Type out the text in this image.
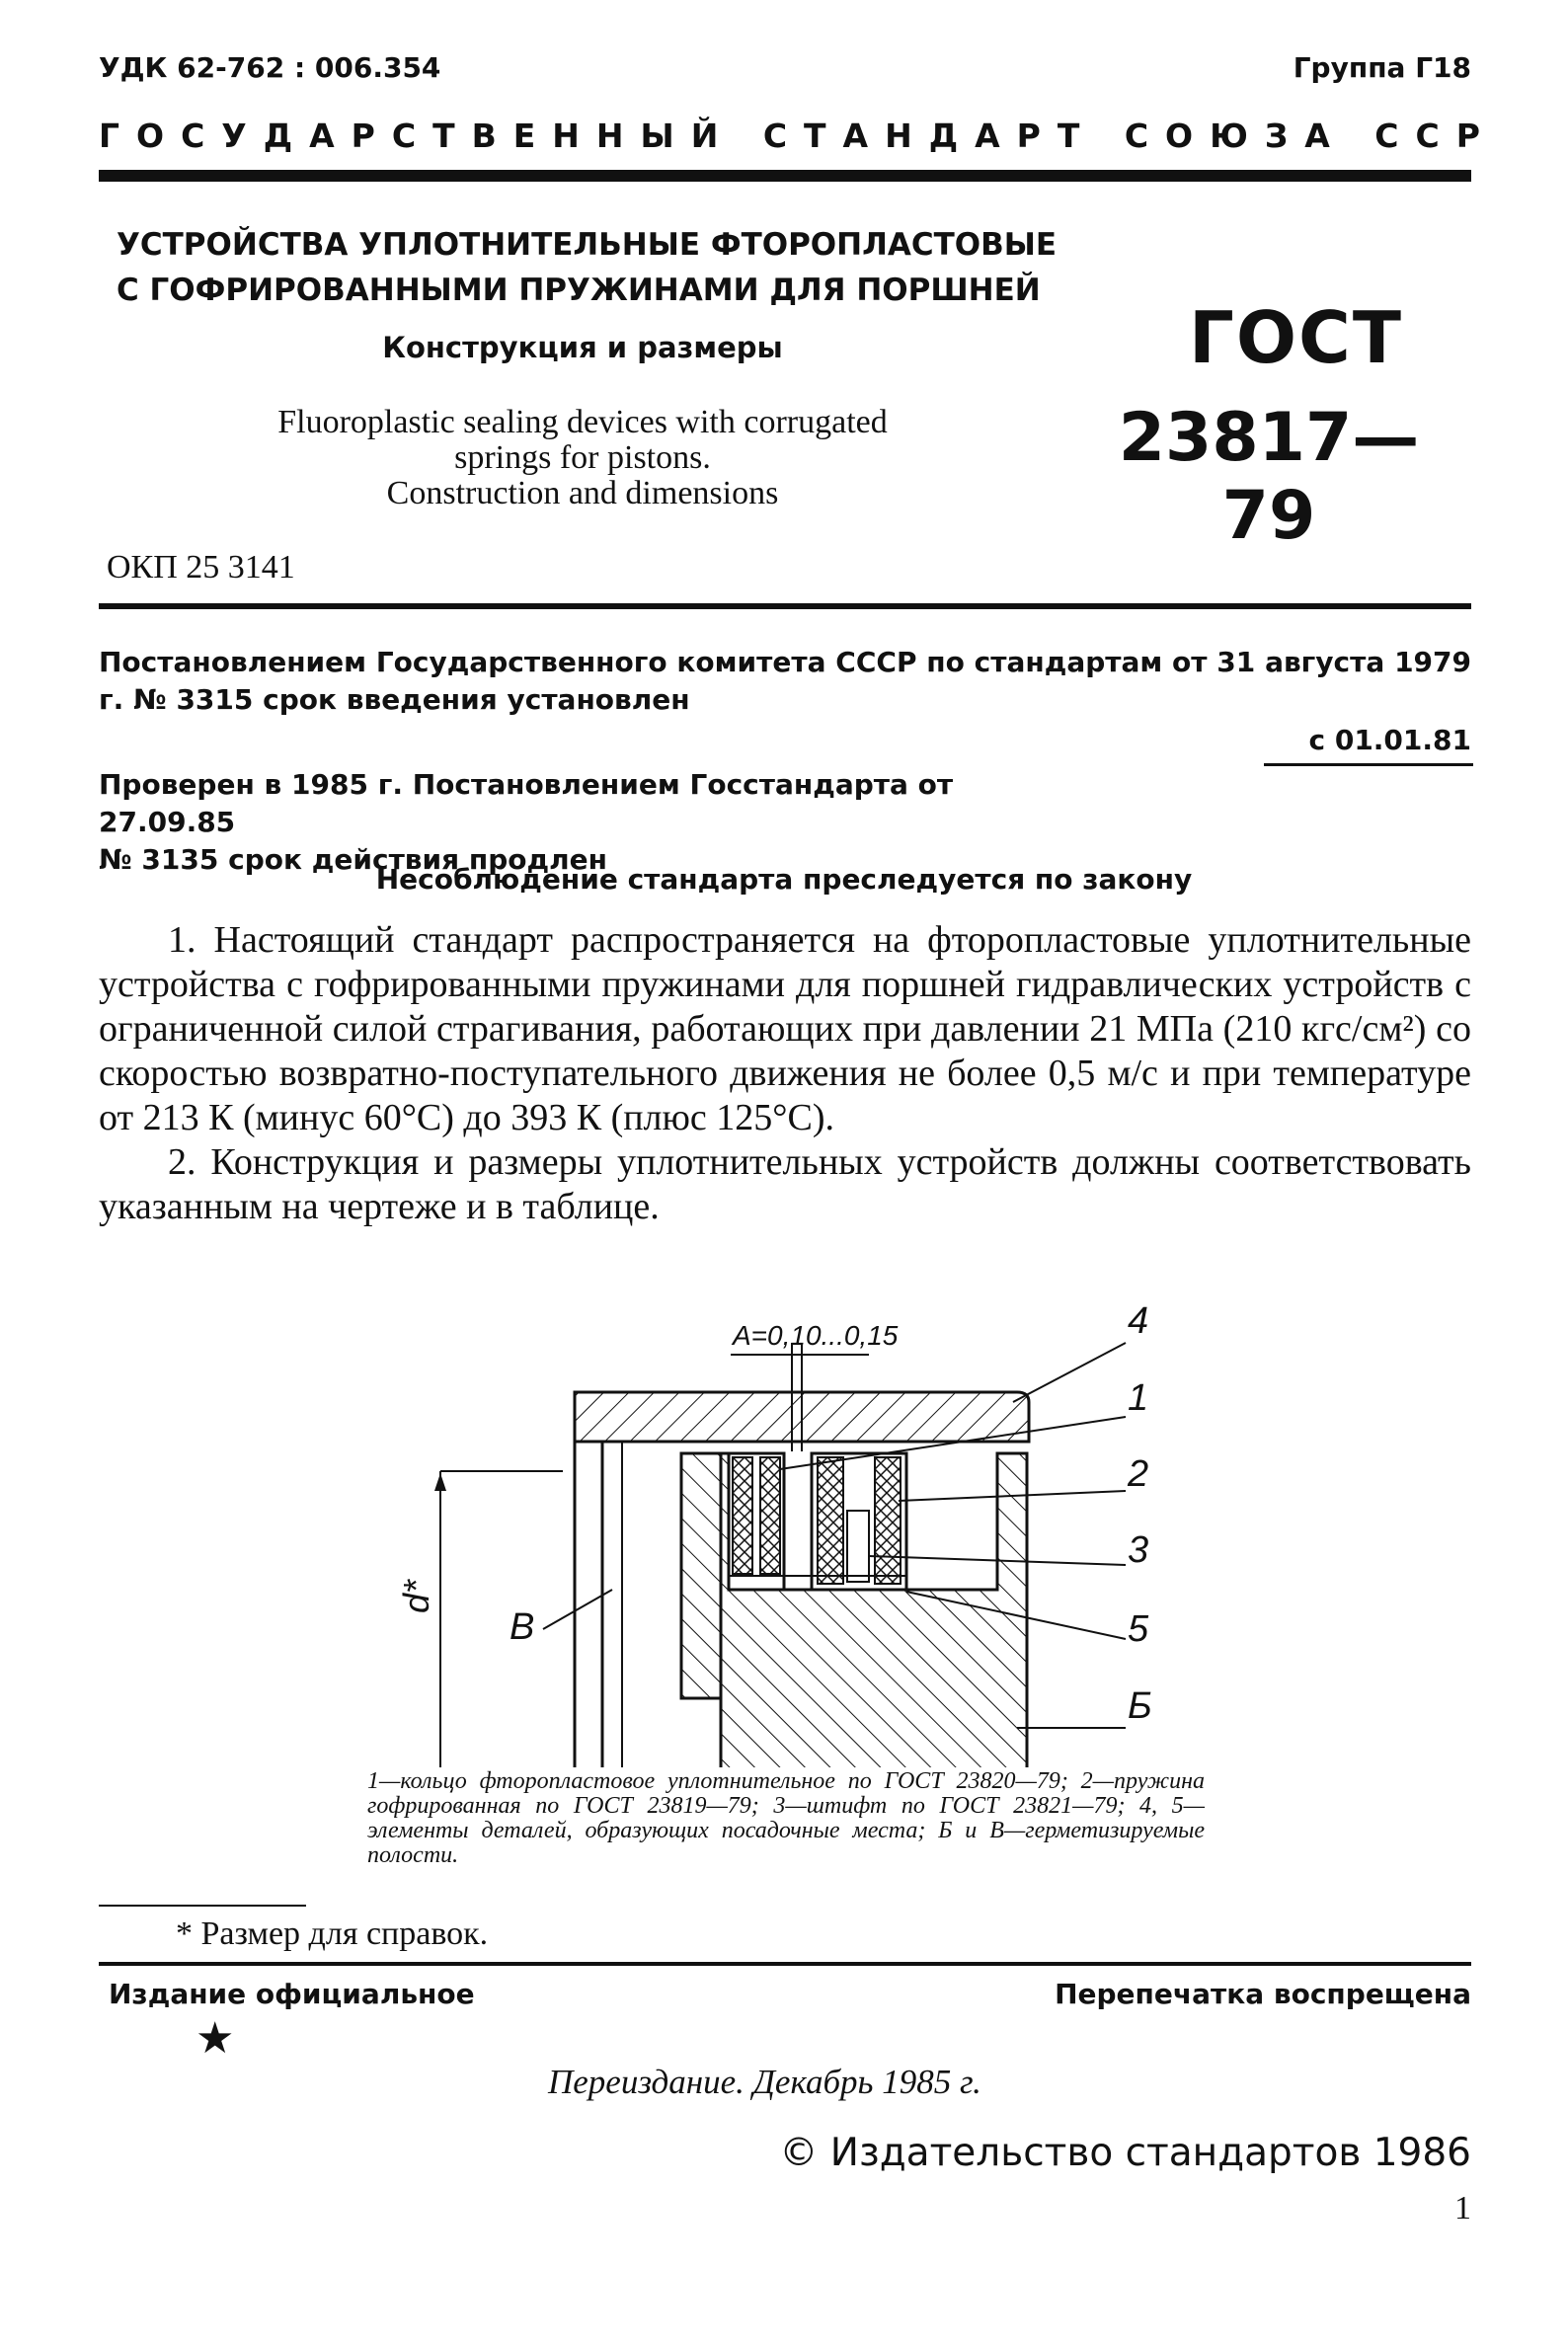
УДК 62-762 : 006.354	Группа Г18
ГОСУДАРСТВЕННЫЙ СТАНДАРТ СОЮЗА ССР
УСТРОЙСТВА УПЛОТНИТЕЛЬНЫЕ ФТОРОПЛАСТОВЫЕ
С ГОФРИРОВАННЫМИ ПРУЖИНАМИ ДЛЯ ПОРШНЕЙ
Конструкция и размеры
Fluoroplastic sealing devices with corrugated
springs for pistons.
Construction and dimensions
ГОСТ
23817—79
ОКП 25 3141
Постановлением Государственного комитета СССР по стандартам от 31 августа 1979 г. № 3315 срок введения установлен
с 01.01.81
Проверен в 1985 г. Постановлением Госстандарта от 27.09.85
№ 3135 срок действия продлен
Несоблюдение стандарта преследуется по закону

1. Настоящий стандарт распространяется на фторопластовые уплотнительные устройства с гофрированными пружинами для поршней гидравлических устройств с ограниченной силой страгивания, работающих при давлении 21 МПа (210 кгс/см²) со скоростью возвратно-поступательного движения не более 0,5 м/с и при температуре от 213 К (минус 60°С) до 393 К (плюс 125°С).

2. Конструкция и размеры уплотнительных устройств должны соответствовать указанным на чертеже и в таблице.

A=0,10...0,15
d*
4
1
2
3
5
Б
В
1—кольцо фторопластовое уплотнительное по ГОСТ 23820—79; 2—пружина гофрированная по ГОСТ 23819—79; 3—штифт по ГОСТ 23821—79; 4, 5—элементы деталей, образующих посадочные места; Б и В—герметизируемые полости.
* Размер для справок.
Издание официальное	Перепечатка воспрещена
★
Переиздание. Декабрь 1985 г.
© Издательство стандартов 1986
1
